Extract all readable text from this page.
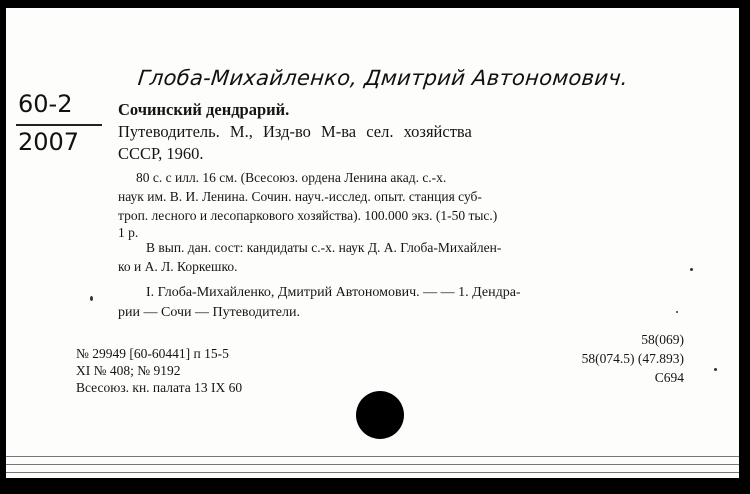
Глоба-Михайленко, Дмитрий Автономович.
60-2
2007
Сочинский дендрарий.
Путеводитель. М., Изд-во М-ва сел. хозяйства
СССР, 1960.
80 с. с илл. 16 см. (Всесоюз. ордена Ленина акад. с.-х.
наук им. В. И. Ленина. Сочин. науч.-исслед. опыт. станция суб-
троп. лесного и лесопаркового хозяйства). 100.000 экз. (1-50 тыс.)
1 р.
В вып. дан. сост: кандидаты с.-х. наук Д. А. Глоба-Михайлен-
ко и А. Л. Коркешко.
I. Глоба-Михайленко, Дмитрий Автономович. — — 1. Дендра-
рии — Сочи — Путеводители.
№ 29949 [60-60441] п 15-5
XI № 408; № 9192
Всесоюз. кн. палата 13 IX 60
58(069)
58(074.5) (47.893)
С694
